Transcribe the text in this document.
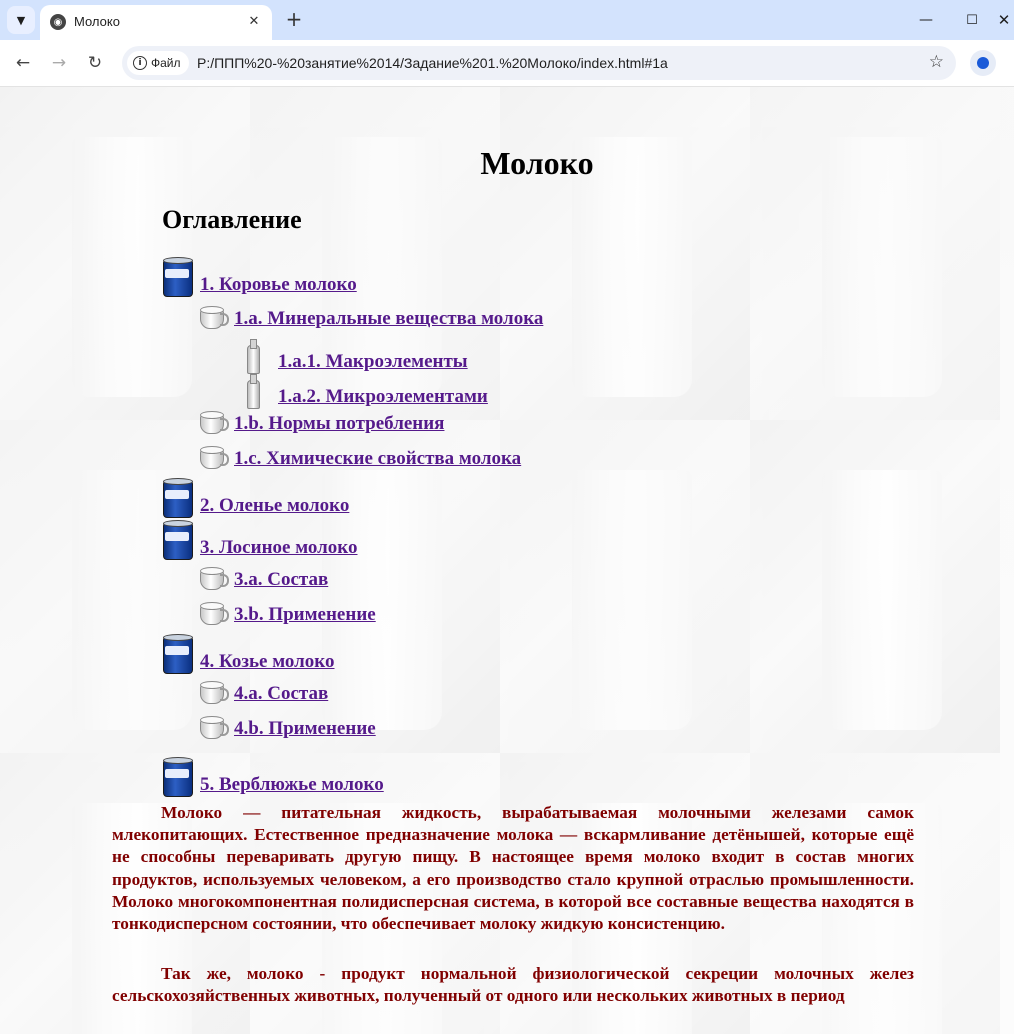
▼	◉ Молоко	✕ +	—	☐	✕
←	→	↻	i Файл P:/ППП%20-%20занятие%2014/Задание%201.%20Молоко/index.html#1a	☆
Молоко
Оглавление
1. Коровье молоко
1.a. Минеральные вещества молока
1.a.1. Макроэлементы
1.a.2. Микроэлементами
1.b. Нормы потребления
1.c. Химические свойства молока
2. Оленье молоко
3. Лосиное молоко
3.a. Состав
3.b. Применение
4. Козье молоко
4.a. Состав
4.b. Применение
5. Верблюжье молоко

Молоко — питательная жидкость, вырабатываемая молочными железами самок млекопитающих. Естественное предназначение молока — вскармливание детёнышей, которые ещё не способны переваривать другую пищу. В настоящее время молоко входит в состав многих продуктов, используемых человеком, а его производство стало крупной отраслью промышленности. Молоко многокомпонентная полидисперсная система, в которой все составные вещества находятся в тонкодисперсном состоянии, что обеспечивает молоку жидкую консистенцию.

Так же, молоко - продукт нормальной физиологической секреции молочных желез сельскохозяйственных животных, полученный от одного или нескольких животных в период
